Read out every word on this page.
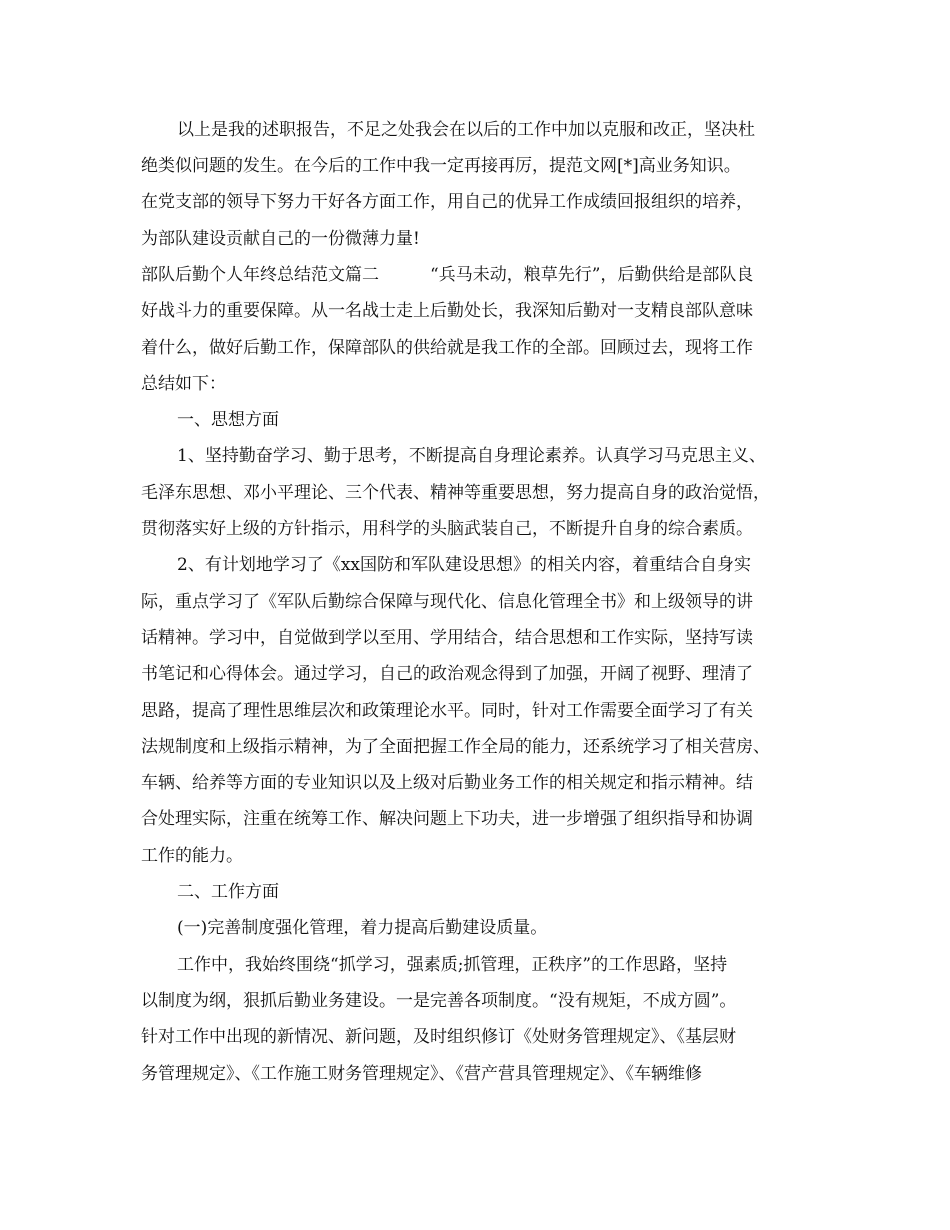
以上是我的述职报告，不足之处我会在以后的工作中加以克服和改正，坚决杜
绝类似问题的发生。在今后的工作中我一定再接再厉，提范文网[*]高业务知识。
在党支部的领导下努力干好各方面工作，用自己的优异工作成绩回报组织的培养，
为部队建设贡献自己的一份微薄力量!
部队后勤个人年终总结范文篇二　　　“兵马未动，粮草先行”，后勤供给是部队良
好战斗力的重要保障。从一名战士走上后勤处长，我深知后勤对一支精良部队意味
着什么，做好后勤工作，保障部队的供给就是我工作的全部。回顾过去，现将工作
总结如下：
一、思想方面
1、坚持勤奋学习、勤于思考，不断提高自身理论素养。认真学习马克思主义、
毛泽东思想、邓小平理论、三个代表、精神等重要思想，努力提高自身的政治觉悟，
贯彻落实好上级的方针指示，用科学的头脑武装自己，不断提升自身的综合素质。
2、有计划地学习了《xx国防和军队建设思想》的相关内容，着重结合自身实
际，重点学习了《军队后勤综合保障与现代化、信息化管理全书》和上级领导的讲
话精神。学习中，自觉做到学以至用、学用结合，结合思想和工作实际，坚持写读
书笔记和心得体会。通过学习，自己的政治观念得到了加强，开阔了视野、理清了
思路，提高了理性思维层次和政策理论水平。同时，针对工作需要全面学习了有关
法规制度和上级指示精神，为了全面把握工作全局的能力，还系统学习了相关营房、
车辆、给养等方面的专业知识以及上级对后勤业务工作的相关规定和指示精神。结
合处理实际，注重在统筹工作、解决问题上下功夫，进一步增强了组织指导和协调
工作的能力。
二、工作方面
(一)完善制度强化管理，着力提高后勤建设质量。
工作中，我始终围绕“抓学习，强素质;抓管理，正秩序”的工作思路，坚持
以制度为纲，狠抓后勤业务建设。一是完善各项制度。“没有规矩，不成方圆”。
针对工作中出现的新情况、新问题，及时组织修订《处财务管理规定》、《基层财
务管理规定》、《工作施工财务管理规定》、《营产营具管理规定》、《车辆维修
